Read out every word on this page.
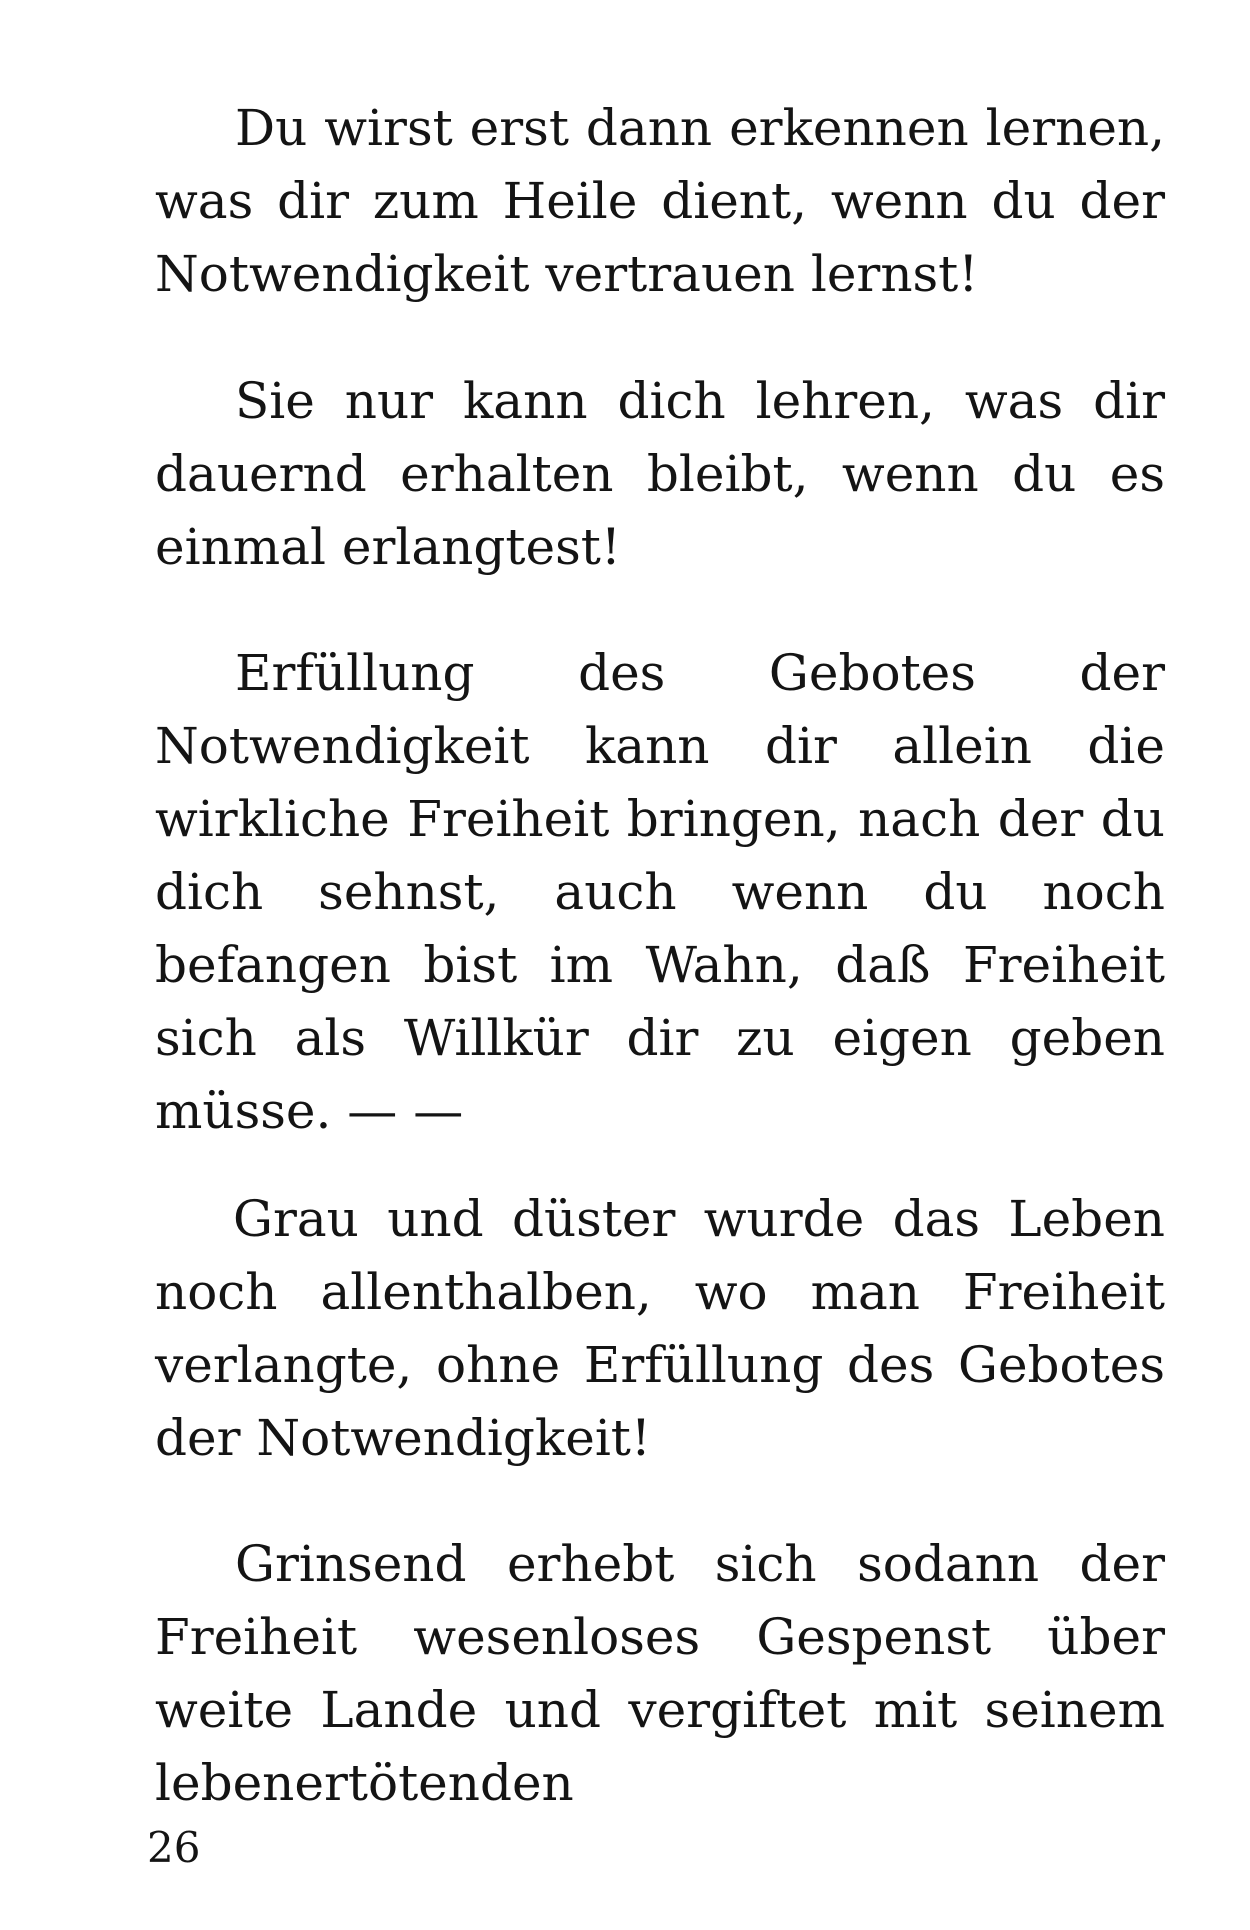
Du wirst erst dann erkennen lernen, was dir zum Heile dient, wenn du der Notwendigkeit vertrauen lernst!

Sie nur kann dich lehren, was dir dauernd erhalten bleibt, wenn du es einmal erlangtest!

Erfüllung des Gebotes der Notwendigkeit kann dir allein die wirkliche Freiheit bringen, nach der du dich sehnst, auch wenn du noch befangen bist im Wahn, daß Freiheit sich als Willkür dir zu eigen geben müsse. — —

Grau und düster wurde das Leben noch allenthalben, wo man Freiheit verlangte, ohne Erfüllung des Gebotes der Notwendigkeit!

Grinsend erhebt sich sodann der Freiheit wesenloses Gespenst über weite Lande und vergiftet mit seinem lebenertötenden

26
